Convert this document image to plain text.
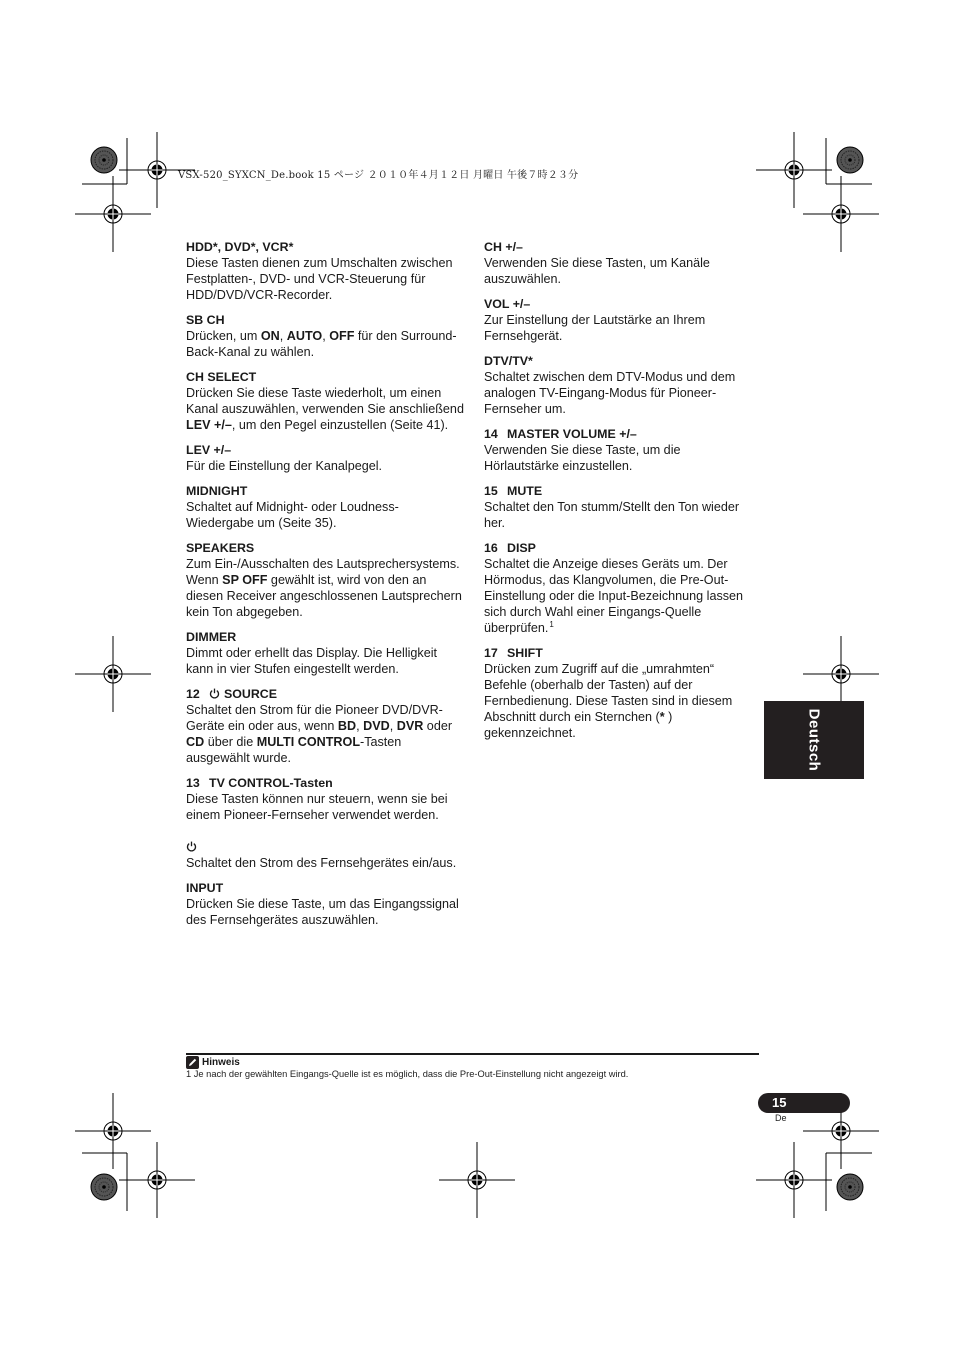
VSX-520_SYXCN_De.book 15 ページ ２０１０年４月１２日 月曜日 午後７時２３分
HDD*, DVD*, VCR*
Diese Tasten dienen zum Umschalten zwischen Festplatten-, DVD- und VCR-Steuerung für HDD/DVD/VCR-Recorder.
SB CH
Drücken, um ON, AUTO, OFF für den Surround-Back-Kanal zu wählen.
CH SELECT
Drücken Sie diese Taste wiederholt, um einen Kanal auszuwählen, verwenden Sie anschließend LEV +/–, um den Pegel einzustellen (Seite 41).
LEV +/–
Für die Einstellung der Kanalpegel.
MIDNIGHT
Schaltet auf Midnight- oder Loudness-Wiedergabe um (Seite 35).
SPEAKERS
Zum Ein-/Ausschalten des Lautsprechersystems. Wenn SP OFF gewählt ist, wird von den an diesen Receiver angeschlossenen Lautsprechern kein Ton abgegeben.
DIMMER
Dimmt oder erhellt das Display. Die Helligkeit kann in vier Stufen eingestellt werden.
12 SOURCE
Schaltet den Strom für die Pioneer DVD/DVR-Geräte ein oder aus, wenn BD, DVD, DVR oder CD über die MULTI CONTROL-Tasten ausgewählt wurde.
13 TV CONTROL-Tasten
Diese Tasten können nur steuern, wenn sie bei einem Pioneer-Fernseher verwendet werden.
Schaltet den Strom des Fernsehgerätes ein/aus.
INPUT
Drücken Sie diese Taste, um das Eingangssignal des Fernsehgerätes auszuwählen.
CH +/–
Verwenden Sie diese Tasten, um Kanäle auszuwählen.
VOL +/–
Zur Einstellung der Lautstärke an Ihrem Fernsehgerät.
DTV/TV*
Schaltet zwischen dem DTV-Modus und dem analogen TV-Eingang-Modus für Pioneer-Fernseher um.
14 MASTER VOLUME +/–
Verwenden Sie diese Taste, um die Hörlautstärke einzustellen.
15 MUTE
Schaltet den Ton stumm/Stellt den Ton wieder her.
16 DISP
Schaltet die Anzeige dieses Geräts um. Der Hörmodus, das Klangvolumen, die Pre-Out-Einstellung oder die Input-Bezeichnung lassen sich durch Wahl einer Eingangs-Quelle überprüfen.$^1$
17 SHIFT
Drücken zum Zugriff auf die „umrahmten“ Befehle (oberhalb der Tasten) auf der Fernbedienung. Diese Tasten sind in diesem Abschnitt durch ein Sternchen (* ) gekennzeichnet.	Deutsch
Hinweis
1 Je nach der gewählten Eingangs-Quelle ist es möglich, dass die Pre-Out-Einstellung nicht angezeigt wird.
15
De
